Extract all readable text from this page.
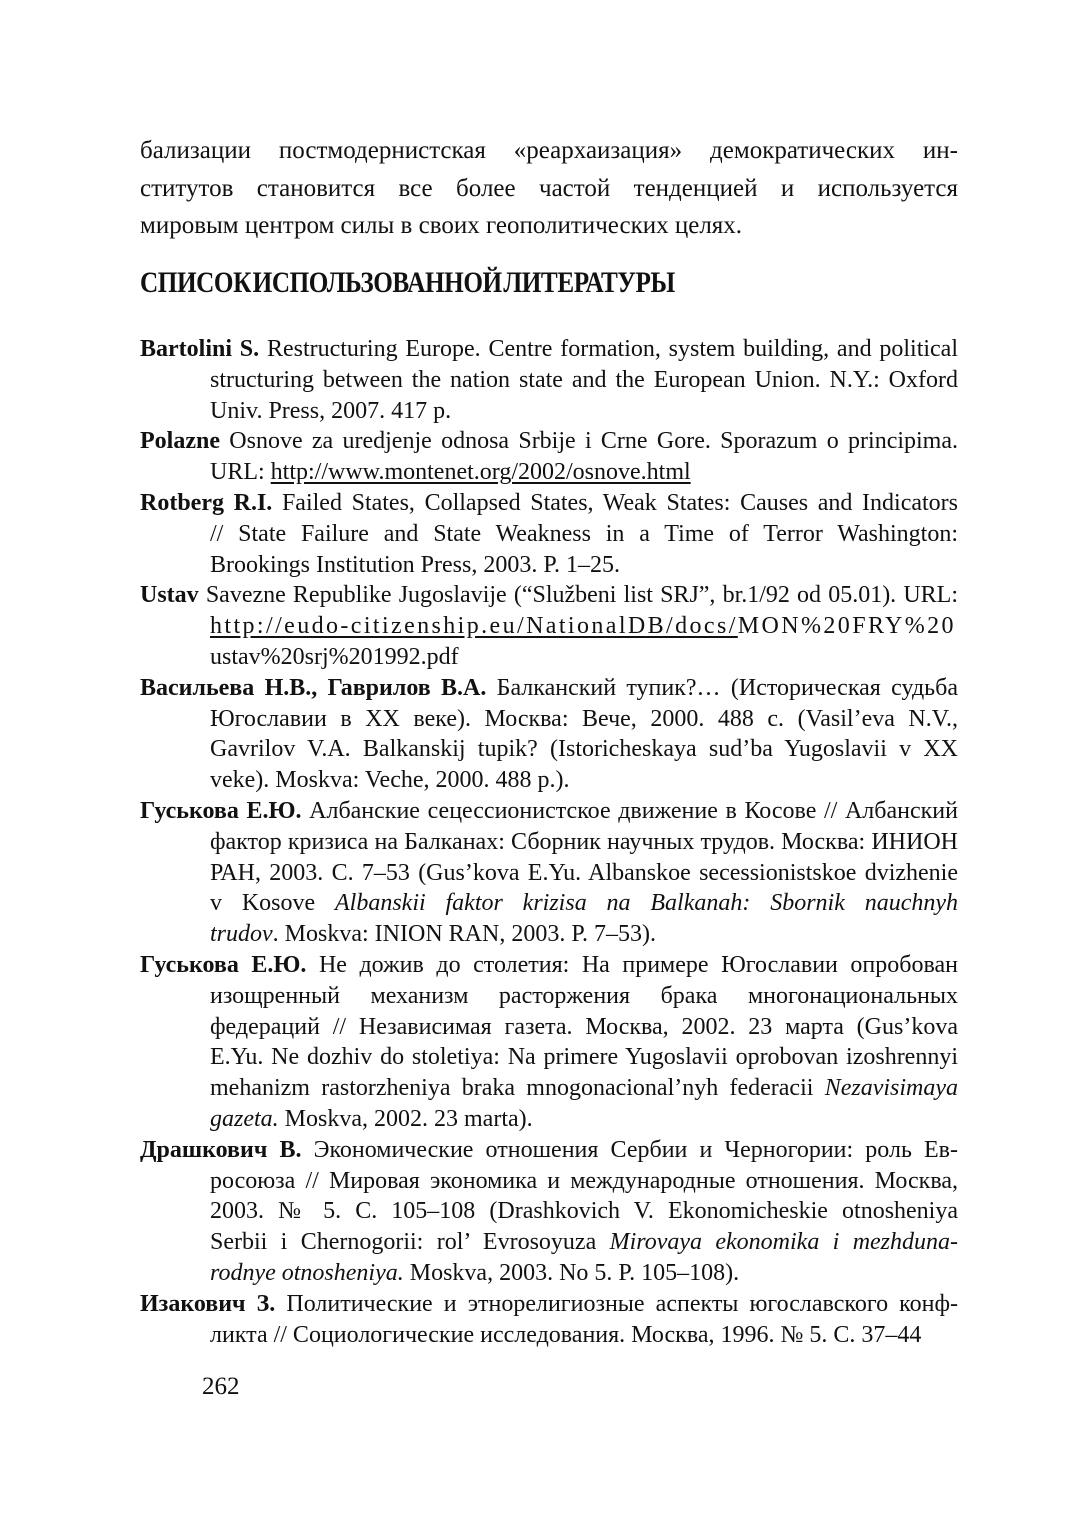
бализации постмодернистская «реархаизация» демократических ин-
ститутов становится все более частой тенденцией и используется
мировым центром силы в своих геополитических целях.
СПИСОК ИСПОЛЬЗОВАННОЙ ЛИТЕРАТУРЫ
Bartolini S. Restructuring Europe. Centre formation, system building, and political
structuring between the nation state and the European Union. N.Y.: Oxford
Univ. Press, 2007. 417 p.
Polazne Osnove za uredjenje odnosa Srbije i Crne Gore. Sporazum o principima.
URL: http://www.montenet.org/2002/osnove.html
Rotberg R.I. Failed States, Collapsed States, Weak States: Causes and Indicators
// State Failure and State Weakness in a Time of Terror Washington:
Brookings Institution Press, 2003. P. 1–25.
Ustav Savezne Republike Jugoslavije (“Službeni list SRJ”, br.1/92 od 05.01). URL:
http://eudo-citizenship.eu/NationalDB/docs/MON%20FRY%20
ustav%20srj%201992.pdf
Васильева Н.В., Гаврилов В.А. Балканский тупик?… (Историческая судьба
Югославии в ХХ веке). Москва: Вече, 2000. 488 с. (Vasil’eva N.V.,
Gavrilov V.A. Balkanskij tupik? (Istoricheskaya sud’ba Yugoslavii v XX
veke). Moskva: Veche, 2000. 488 p.).
Гуськова Е.Ю. Албанские сецессионистское движение в Косове // Албанский
фактор кризиса на Балканах: Сборник научных трудов. Москва: ИНИОН
РАН, 2003. С. 7–53 (Gus’kova E.Yu. Albanskoe secessionistskoe dvizhenie
v Kosove Albanskii faktor krizisa na Balkanah: Sbornik nauchnyh
trudov. Moskva: INION RAN, 2003. P. 7–53).
Гуськова Е.Ю. Не дожив до столетия: На примере Югославии опробован
изощренный механизм расторжения брака многонациональных
федераций // Независимая газета. Москва, 2002. 23 марта (Gus’kova
E.Yu. Ne dozhiv do stoletiya: Na primere Yugoslavii oprobovan izoshrennyi
mehanizm rastorzheniya braka mnogonacional’nyh federacii Nezavisimaya
gazeta. Moskva, 2002. 23 marta).
Драшкович В. Экономические отношения Сербии и Черногории: роль Ев-
росоюза // Мировая экономика и международные отношения. Москва,
2003. № 5. С. 105–108 (Drashkovich V. Ekonomicheskie otnosheniya
Serbii i Chernogorii: rol’ Evrosoyuza Mirovaya ekonomika i mezhduna-
rodnye otnosheniya. Moskva, 2003. No 5. P. 105–108).
Изакович З. Политические и этнорелигиозные аспекты югославского конф-
ликта // Социологические исследования. Москва, 1996. № 5. С. 37–44
262
